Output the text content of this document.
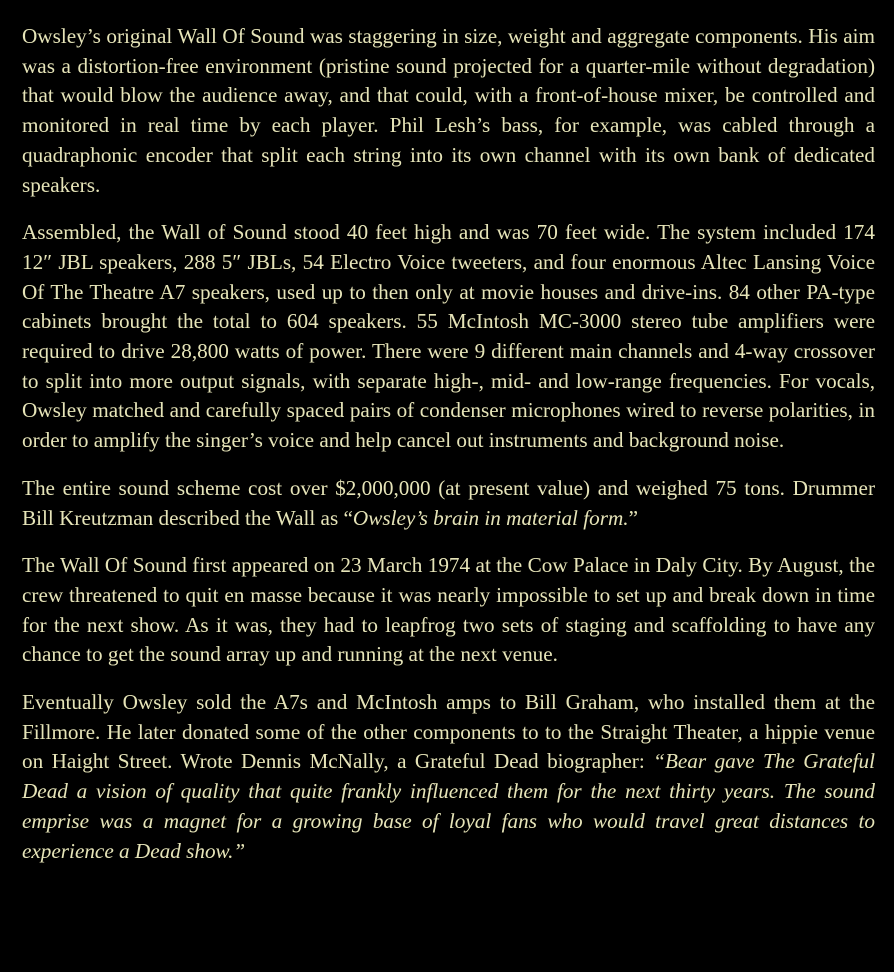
Owsley’s original Wall Of Sound was staggering in size, weight and aggregate components. His aim was a distortion-free environment (pristine sound projected for a quarter-mile without degradation) that would blow the audience away, and that could, with a front-of-house mixer, be controlled and monitored in real time by each player. Phil Lesh’s bass, for example, was cabled through a quadraphonic encoder that split each string into its own channel with its own bank of dedicated speakers.

Assembled, the Wall of Sound stood 40 feet high and was 70 feet wide. The system included 174 12″ JBL speakers, 288 5″ JBLs, 54 Electro Voice tweeters, and four enormous Altec Lansing Voice Of The Theatre A7 speakers, used up to then only at movie houses and drive-ins. 84 other PA-type cabinets brought the total to 604 speakers. 55 McIntosh MC-3000 stereo tube amplifiers were required to drive 28,800 watts of power. There were 9 different main channels and 4-way crossover to split into more output signals, with separate high-, mid- and low-range frequencies. For vocals, Owsley matched and carefully spaced pairs of condenser microphones wired to reverse polarities, in order to amplify the singer’s voice and help cancel out instruments and background noise.

The entire sound scheme cost over $2,000,000 (at present value) and weighed 75 tons. Drummer Bill Kreutzman described the Wall as “Owsley’s brain in material form.”

The Wall Of Sound first appeared on 23 March 1974 at the Cow Palace in Daly City. By August, the crew threatened to quit en masse because it was nearly impossible to set up and break down in time for the next show. As it was, they had to leapfrog two sets of staging and scaffolding to have any chance to get the sound array up and running at the next venue.

Eventually Owsley sold the A7s and McIntosh amps to Bill Graham, who installed them at the Fillmore. He later donated some of the other components to to the Straight Theater, a hippie venue on Haight Street. Wrote Dennis McNally, a Grateful Dead biographer: “Bear gave The Grateful Dead a vision of quality that quite frankly influenced them for the next thirty years. The sound emprise was a magnet for a growing base of loyal fans who would travel great distances to experience a Dead show.”
